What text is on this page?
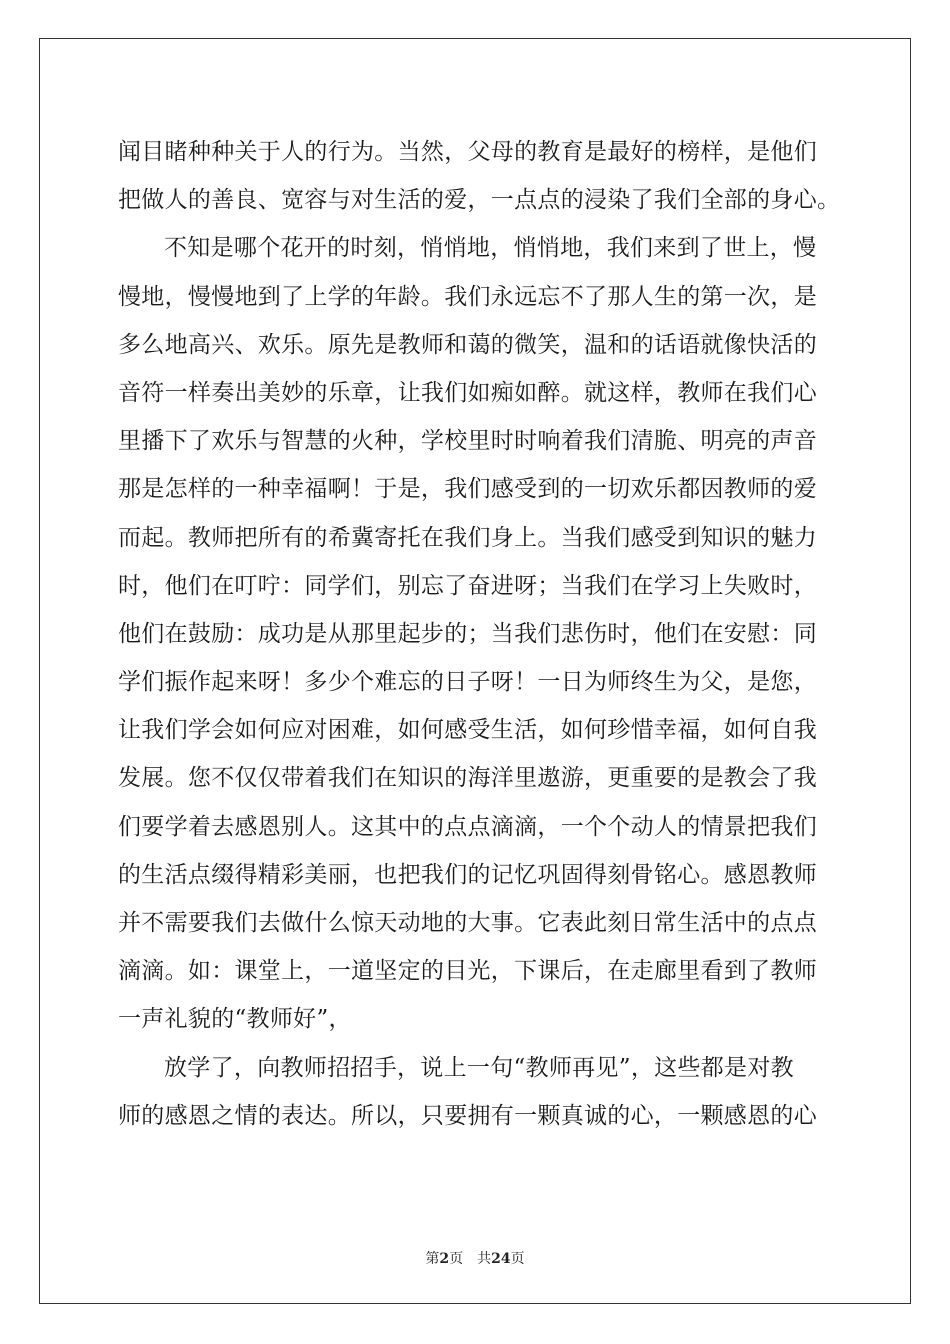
闻目睹种种关于人的行为。当然，父母的教育是最好的榜样，是他们
把做人的善良、宽容与对生活的爱，一点点的浸染了我们全部的身心。
不知是哪个花开的时刻，悄悄地，悄悄地，我们来到了世上，慢
慢地，慢慢地到了上学的年龄。我们永远忘不了那人生的第一次，是
多么地高兴、欢乐。原先是教师和蔼的微笑，温和的话语就像快活的
音符一样奏出美妙的乐章，让我们如痴如醉。就这样，教师在我们心
里播下了欢乐与智慧的火种，学校里时时响着我们清脆、明亮的声音
那是怎样的一种幸福啊！于是，我们感受到的一切欢乐都因教师的爱
而起。教师把所有的希冀寄托在我们身上。当我们感受到知识的魅力
时，他们在叮咛：同学们，别忘了奋进呀；当我们在学习上失败时，
他们在鼓励：成功是从那里起步的；当我们悲伤时，他们在安慰：同
学们振作起来呀！多少个难忘的日子呀！一日为师终生为父，是您，
让我们学会如何应对困难，如何感受生活，如何珍惜幸福，如何自我
发展。您不仅仅带着我们在知识的海洋里遨游，更重要的是教会了我
们要学着去感恩别人。这其中的点点滴滴，一个个动人的情景把我们
的生活点缀得精彩美丽，也把我们的记忆巩固得刻骨铭心。感恩教师
并不需要我们去做什么惊天动地的大事。它表此刻日常生活中的点点
滴滴。如：课堂上，一道坚定的目光，下课后，在走廊里看到了教师
一声礼貌的“教师好”，
放学了，向教师招招手，说上一句“教师再见”，这些都是对教
师的感恩之情的表达。所以，只要拥有一颗真诚的心，一颗感恩的心
第2页 共24页
